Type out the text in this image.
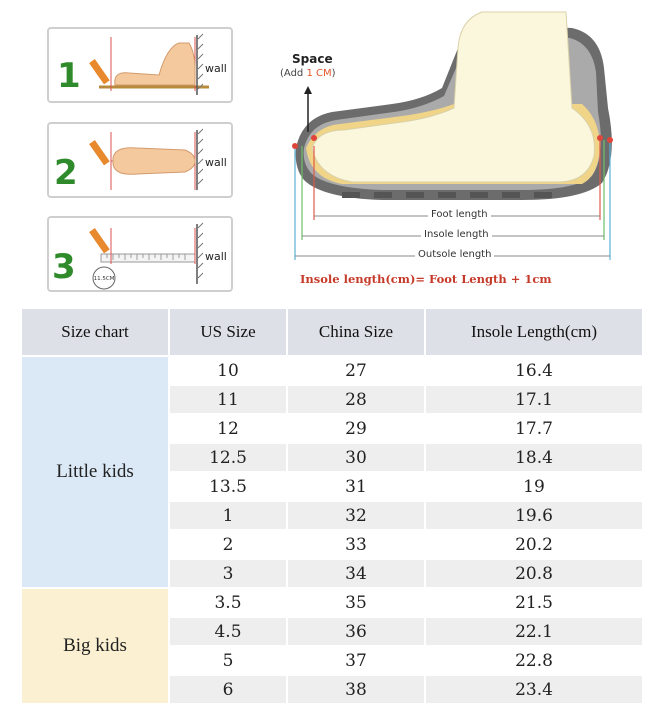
1	wall
2	wall
3	11.5CM
wall
Space
(Add 1 CM)
Foot length
Insole length
Outsole length
Insole length(cm)= Foot Length + 1cm
Size chart	US Size	China Size	Insole Length(cm)
Little kids	10	27	16.4
	11	28	17.1
	12	29	17.7
	12.5	30	18.4
	13.5	31	19
	1	32	19.6
	2	33	20.2
	3	34	20.8
Big kids	3.5	35	21.5
	4.5	36	22.1
	5	37	22.8
	6	38	23.4
